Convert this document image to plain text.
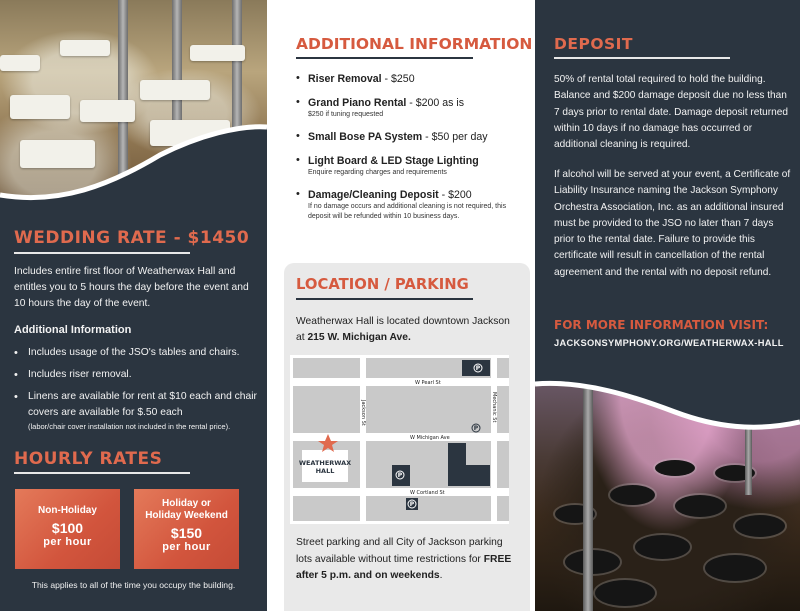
WEDDING RATE - $1450

Includes entire first floor of Weatherwax Hall and entitles you to 5 hours the day before the event and 10 hours the day of the event.

Additional Information
• Includes usage of the JSO's tables and chairs.
• Includes riser removal.
• Linens are available for rent at $10 each and chair covers are available for $.50 each
(labor/chair cover installation not included in the rental price).
HOURLY RATES
Non-Holiday
$100
per hour
Holiday or
Holiday Weekend
$150
per hour
This applies to all of the time you occupy the building.
ADDITIONAL INFORMATION
• Riser Removal - $250
• Grand Piano Rental - $200 as is
$250 if tuning requested
• Small Bose PA System - $50 per day
• Light Board & LED Stage Lighting
Enquire regarding charges and requirements
• Damage/Cleaning Deposit - $200
If no damage occurs and additional cleaning is not required, this deposit will be refunded within 10 business days.
LOCATION / PARKING

Weatherwax Hall is located downtown Jackson at 215 W. Michigan Ave.

P
P
P
P
W Pearl St
W Michigan Ave
W Cortland St
Jackson St	Mechanic St
WEATHERWAX
HALL

Street parking and all City of Jackson parking lots available without time restrictions for FREE after 5 p.m. and on weekends.

DEPOSIT

50% of rental total required to hold the building. Balance and $200 damage deposit due no less than 7 days prior to rental date. Damage deposit returned within 10 days if no damage has occurred or additional cleaning is required.

If alcohol will be served at your event, a Certificate of Liability Insurance naming the Jackson Symphony Orchestra Association, Inc. as an additional insured must be provided to the JSO no later than 7 days prior to the rental date. Failure to provide this certificate will result in cancellation of the rental agreement and the rental with no deposit refund.

FOR MORE INFORMATION VISIT:
JACKSONSYMPHONY.ORG/WEATHERWAX-HALL
